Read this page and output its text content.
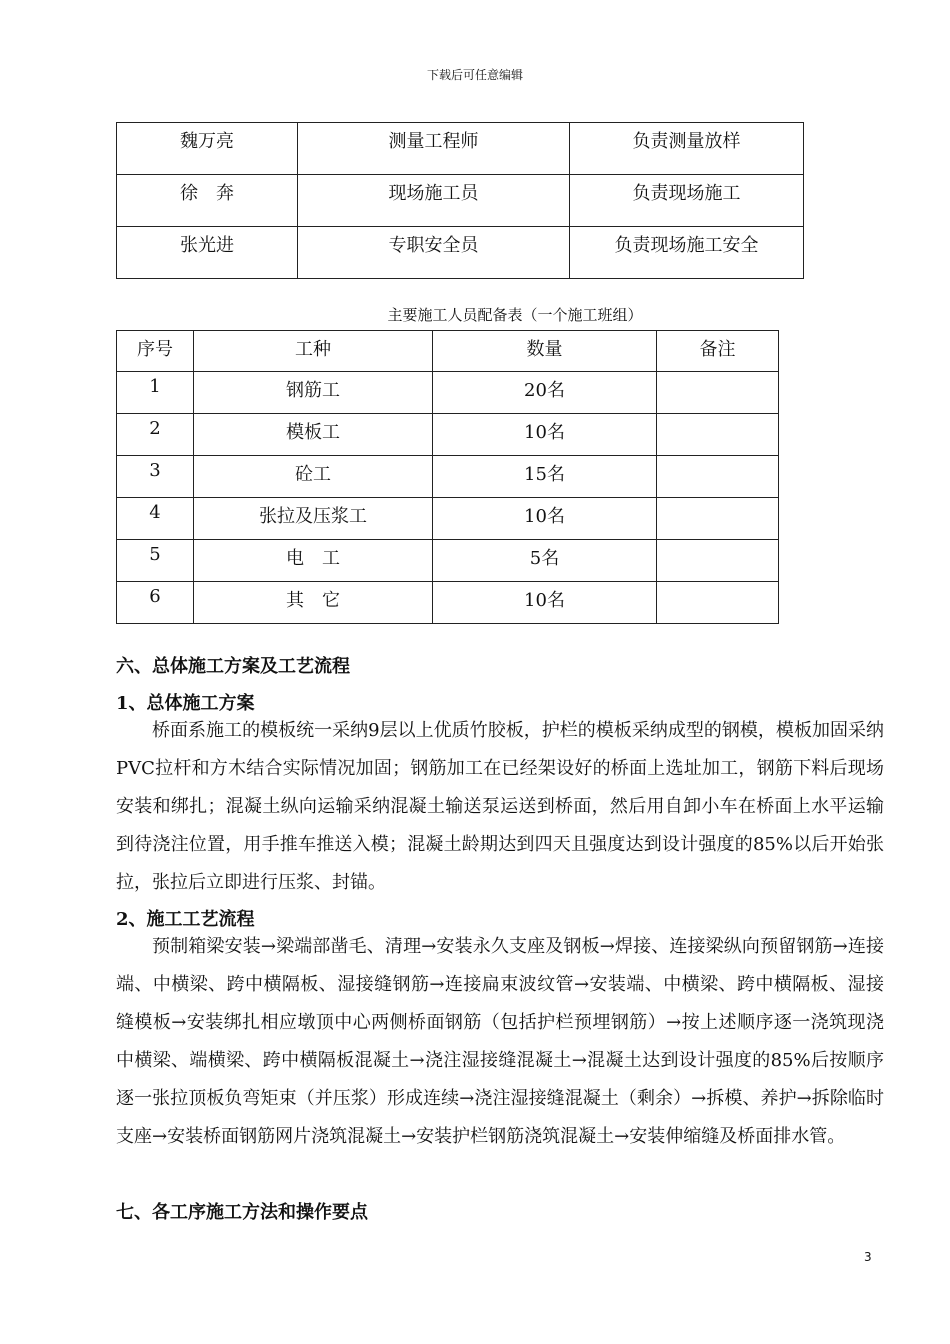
下载后可任意编辑
魏万亮	测量工程师	负责测量放样
徐　奔	现场施工员	负责现场施工
张光进	专职安全员	负责现场施工安全
主要施工人员配备表（一个施工班组）
序号	工种	数量	备注
1	钢筋工	20名	
2	模板工	10名	
3	砼工	15名	
4	张拉及压浆工	10名	
5	电　工	5名	
6	其　它	10名	
六、总体施工方案及工艺流程
1、总体施工方案
桥面系施工的模板统一采纳9层以上优质竹胶板，护栏的模板采纳成型的钢模，模板加固采纳PVC拉杆和方木结合实际情况加固；钢筋加工在已经架设好的桥面上选址加工，钢筋下料后现场安装和绑扎；混凝土纵向运输采纳混凝土输送泵运送到桥面，然后用自卸小车在桥面上水平运输到待浇注位置，用手推车推送入模；混凝土龄期达到四天且强度达到设计强度的85%以后开始张拉，张拉后立即进行压浆、封锚。
2、施工工艺流程
预制箱梁安装→梁端部凿毛、清理→安装永久支座及钢板→焊接、连接梁纵向预留钢筋→连接端、中横梁、跨中横隔板、湿接缝钢筋→连接扁束波纹管→安装端、中横梁、跨中横隔板、湿接缝模板→安装绑扎相应墩顶中心两侧桥面钢筋（包括护栏预埋钢筋）→按上述顺序逐一浇筑现浇中横梁、端横梁、跨中横隔板混凝土→浇注湿接缝混凝土→混凝土达到设计强度的85%后按顺序逐一张拉顶板负弯矩束（并压浆）形成连续→浇注湿接缝混凝土（剩余）→拆模、养护→拆除临时支座→安装桥面钢筋网片浇筑混凝土→安装护栏钢筋浇筑混凝土→安装伸缩缝及桥面排水管。
七、各工序施工方法和操作要点
3
